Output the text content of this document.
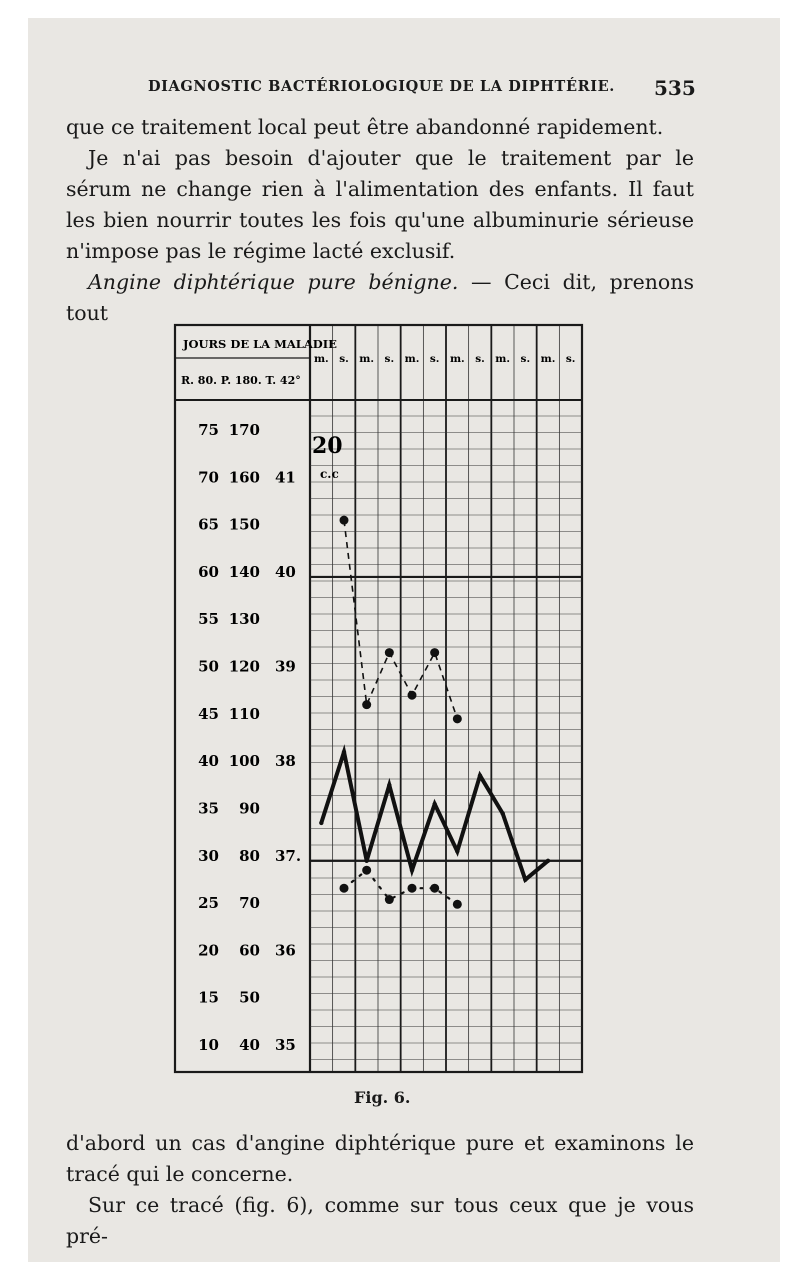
DIAGNOSTIC BACTÉRIOLOGIQUE DE LA DIPHTÉRIE. 535

que ce traitement local peut être abandonné rapidement.

Je n'ai pas besoin d'ajouter que le traitement par le sérum ne change rien à l'alimentation des enfants. Il faut les bien nourrir toutes les fois qu'une albuminurie sérieuse n'impose pas le régime lacté exclusif.

Angine diphtérique pure bénigne. — Ceci dit, prenons tout

JOURS DE LA MALADIE
R. 80. P. 180. T. 42°
m. s. m. s. m. s. m. s. m. s. m. s.
75 170
70 160 41
65 150
60 140 40
55 130
50 120 39
45 110
40 100 38
35 90
30 80 37.
25 70
20 60 36
15 50
10 40 35
20
c.c
Fig. 6.

d'abord un cas d'angine diphtérique pure et examinons le tracé qui le concerne.

Sur ce tracé (fig. 6), comme sur tous ceux que je vous pré-
